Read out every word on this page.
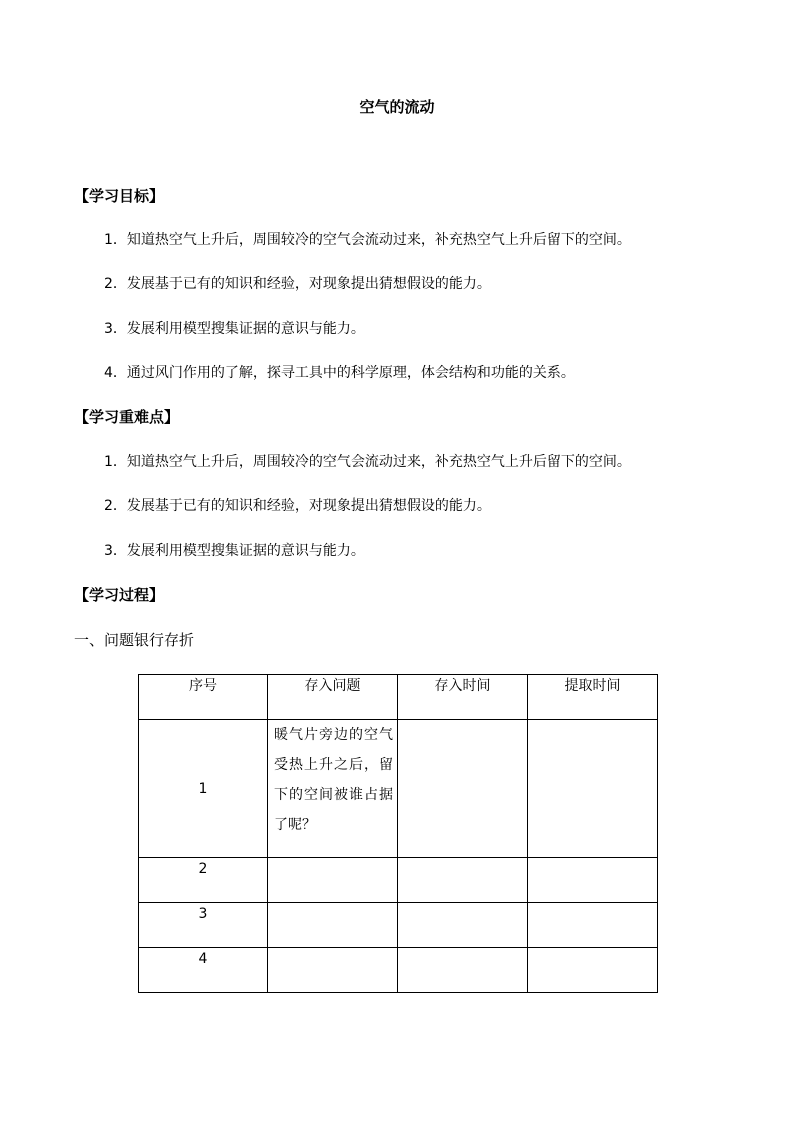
空气的流动
【学习目标】
1．知道热空气上升后，周围较冷的空气会流动过来，补充热空气上升后留下的空间。
2．发展基于已有的知识和经验，对现象提出猜想假设的能力。
3．发展利用模型搜集证据的意识与能力。
4．通过风门作用的了解，探寻工具中的科学原理，体会结构和功能的关系。
【学习重难点】
1．知道热空气上升后，周围较冷的空气会流动过来，补充热空气上升后留下的空间。
2．发展基于已有的知识和经验，对现象提出猜想假设的能力。
3．发展利用模型搜集证据的意识与能力。
【学习过程】
一、问题银行存折
序号	存入问题	存入时间	提取时间
1	暖气片旁边的空气受热上升之后，留下的空间被谁占据了呢？		
2			
3			
4			
